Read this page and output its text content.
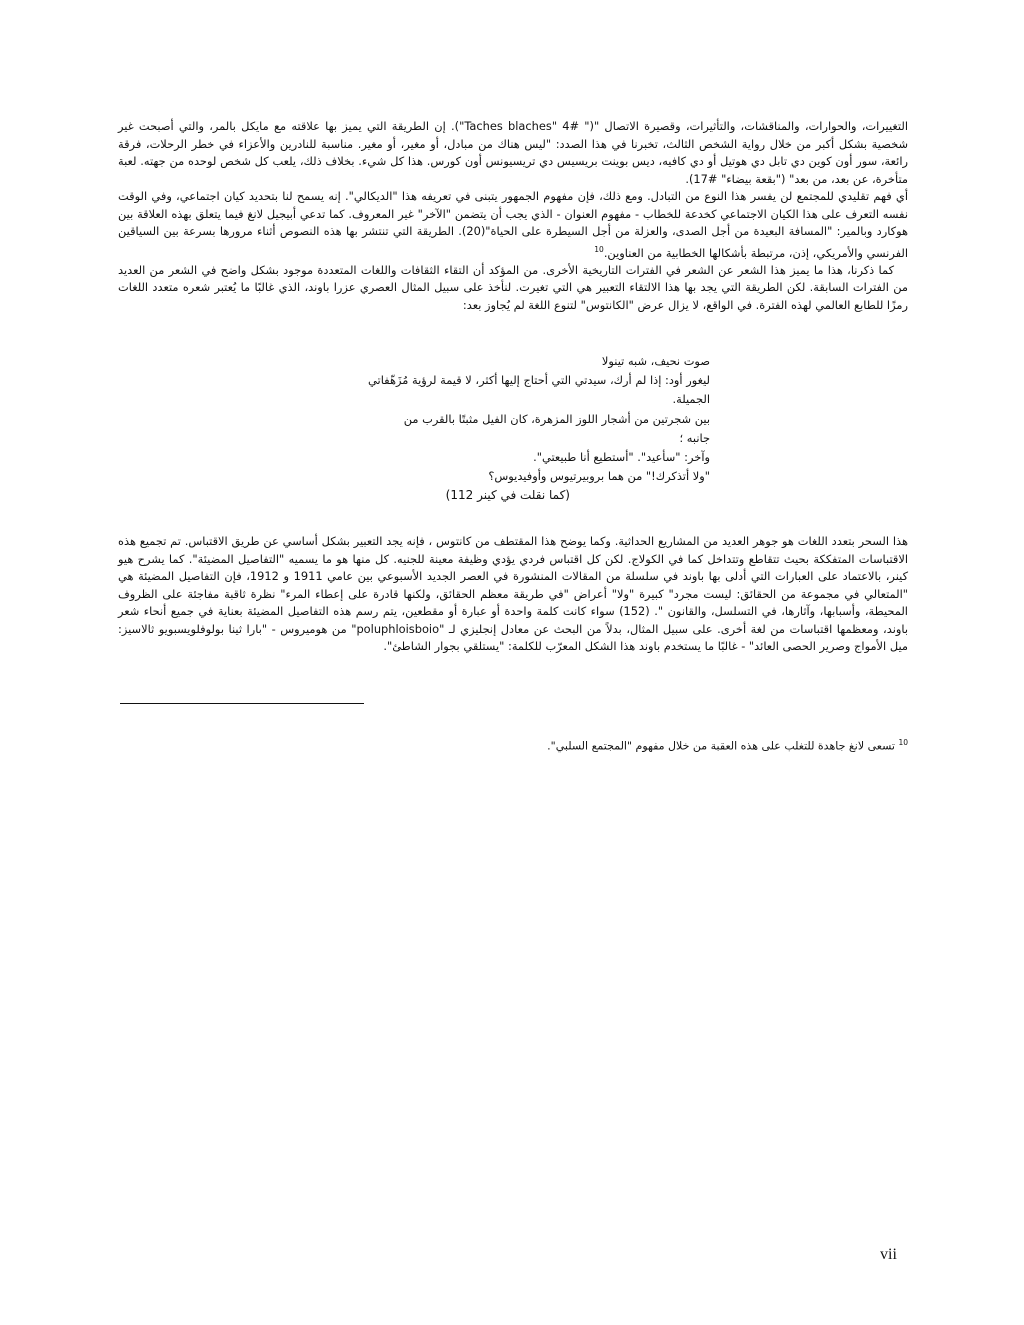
التغييرات، والحوارات، والمناقشات، والتأثيرات، وقصيرة الاتصال "(" #4 "Taches blaches"). إن الطريقة التي يميز بها علاقته مع مايكل بالمر، والتي أصبحت غير شخصية بشكل أكبر من خلال رواية الشخص الثالث، تخبرنا في هذا الصدد: "ليس هناك من مبادل، أو مغير، أو مغير. مناسبة للنادرين والأعزاء في خطر الرحلات، فرقة رائعة، سور أون كوين دي تابل دي هوتيل أو دي كافيه، ديس بوينت بريسيس دي تريسيونس أون كورس. هذا كل شيء. بخلاف ذلك، يلعب كل شخص لوحده من جهته. لعبة متأخرة، عن بعد، من بعد" ("بقعة بيضاء" #17).

أي فهم تقليدي للمجتمع لن يفسر هذا النوع من التبادل. ومع ذلك، فإن مفهوم الجمهور يتبنى في تعريفه هذا "الديكالي". إنه يسمح لنا بتحديد كيان اجتماعي، وفي الوقت نفسه التعرف على هذا الكيان الاجتماعي كخدعة للخطاب - مفهوم العنوان - الذي يجب أن يتضمن "الآخر" غير المعروف. كما تدعي أبيجيل لانغ فيما يتعلق بهذه العلاقة بين هوكارد وبالمير: "المسافة البعيدة من أجل الصدى، والعزلة من أجل السيطرة على الحياة"(20). الطريقة التي تنتشر بها هذه النصوص أثناء مرورها بسرعة بين السياقين الفرنسي والأمريكي، إذن، مرتبطة بأشكالها الخطابية من العناوين.$^{10}$

كما ذكرنا، هذا ما يميز هذا الشعر عن الشعر في الفترات التاريخية الأخرى. من المؤكد أن التقاء الثقافات واللغات المتعددة موجود بشكل واضح في الشعر من العديد من الفترات السابقة. لكن الطريقة التي يجد بها هذا الالتقاء التعبير هي التي تغيرت. لنأخذ على سبيل المثال العصري عزرا باوند، الذي غالبًا ما يُعتبر شعره متعدد اللغات رمزًا للطابع العالمي لهذه الفترة. في الواقع، لا يزال عرض "الكانتوس" لتنوع اللغة لم يُجاوز بعد:

صوت نحيف، شبه تينولا

ليغور أود: إذا لم أرك، سيدتي التي أحتاج إليها أكثر، لا قيمة لرؤية مُزَهّفاتي

الجميلة.

بين شجرتين من أشجار اللوز المزهرة، كان الفيل مثبتًا بالقرب من

جانبه ؛

وآخر: "سأعيد". "أستطيع أنا طبيعتي".

"ولا أتذكرك!" من هما بروبيرتيوس وأوفيديوس؟

(كما نقلت في كينر 112)

هذا السحر بتعدد اللغات هو جوهر العديد من المشاريع الحداثية. وكما يوضح هذا المقتطف من كانتوس ، فإنه يجد التعبير بشكل أساسي عن طريق الاقتباس. تم تجميع هذه الاقتباسات المتفككة بحيث تتقاطع وتتداخل كما في الكولاج. لكن كل اقتباس فردي يؤدي وظيفة معينة للجنيه. كل منها هو ما يسميه "التفاصيل المضيئة". كما يشرح هيو كينر، بالاعتماد على العبارات التي أدلى بها باوند في سلسلة من المقالات المنشورة في العصر الجديد الأسبوعي بين عامي 1911 و 1912، فإن التفاصيل المضيئة هي "المتعالي في مجموعة من الحقائق: ليست مجرد" كبيرة "ولا" أعراض "في طريقة معظم الحقائق، ولكنها قادرة على إعطاء المرء" نظرة ثاقبة مفاجئة على الظروف المحيطة، وأسبابها، وآثارها، في التسلسل، والقانون ". (152) سواء كانت كلمة واحدة أو عبارة أو مقطعين، يتم رسم هذه التفاصيل المضيئة بعناية في جميع أنحاء شعر باوند، ومعظمها اقتباسات من لغة أخرى. على سبيل المثال، بدلاً من البحث عن معادل إنجليزي لـ "poluphloisboio" من هوميروس - "بارا ثينا بولوفلويسبويو ثالاسيز: ميل الأمواج وصرير الحصى العائد" - غالبًا ما يستخدم باوند هذا الشكل المعرّب للكلمة: "يستلقي بجوار الشاطئ".

$^{10}$ تسعى لانغ جاهدة للتغلب على هذه العقبة من خلال مفهوم "المجتمع السلبي".
vii
